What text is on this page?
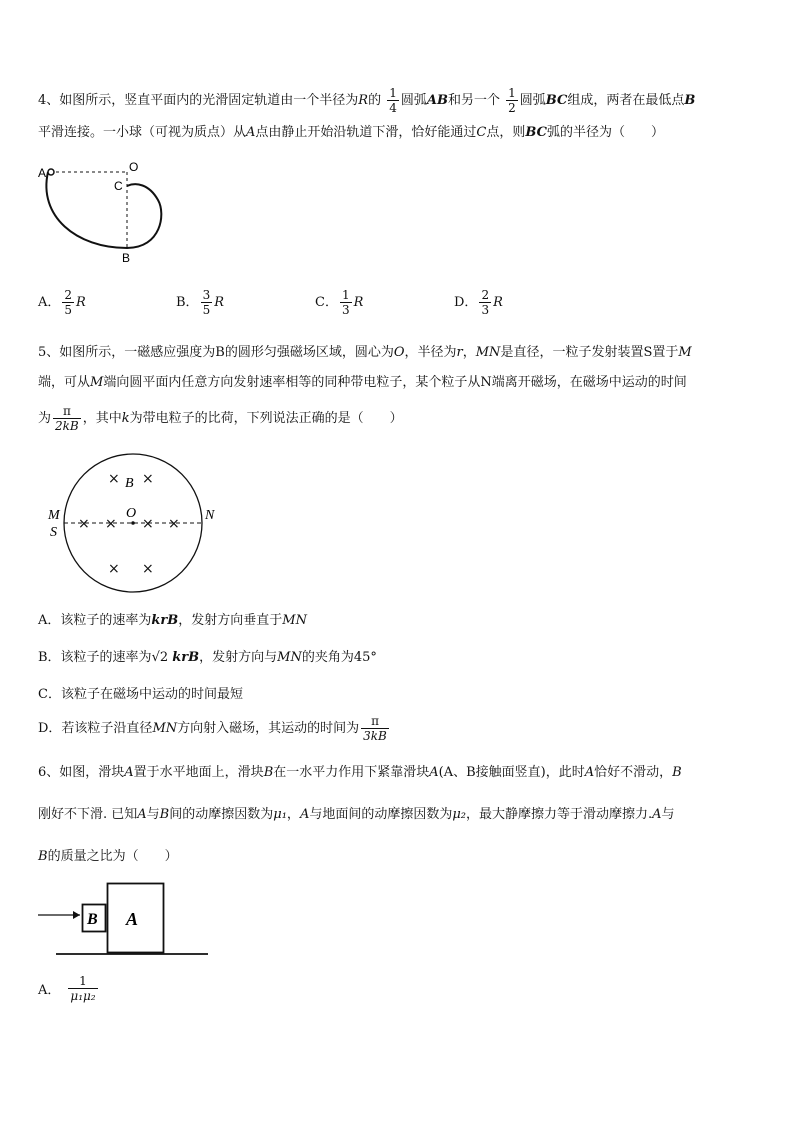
4、如图所示，竖直平面内的光滑固定轨道由一个半径为R的 $\frac{1}{4}$ 圆弧AB和另一个 $\frac{1}{2}$ 圆弧BC组成，两者在最低点B
平滑连接。一小球（可视为质点）从A点由静止开始沿轨道下滑，恰好能通过C点，则BC弧的半径为（　　）
A	O
C
B
A． $\frac{2}{5}$ R	B． $\frac{3}{5}$ R	C． $\frac{1}{3}$ R	D． $\frac{2}{3}$ R
5、如图所示，一磁感应强度为B的圆形匀强磁场区域，圆心为O，半径为r，MN是直径，一粒子发射装置S置于M
端，可从M端向圆平面内任意方向发射速率相等的同种带电粒子，某个粒子从N端离开磁场，在磁场中运动的时间
为 $\frac{\pi}{2kB}$ ，其中k为带电粒子的比荷，下列说法正确的是（　　）
× ×
× × × ×
× ×
B
O
M
S
N
A．该粒子的速率为krB，发射方向垂直于MN
B．该粒子的速率为√2 krB，发射方向与MN的夹角为45°
C．该粒子在磁场中运动的时间最短
D．若该粒子沿直径MN方向射入磁场，其运动的时间为 $\frac{\pi}{3kB}$
6、如图，滑块A置于水平地面上，滑块B在一水平力作用下紧靠滑块A(A、B接触面竖直)，此时A恰好不滑动，B
刚好不下滑. 已知A与B间的动摩擦因数为μ₁，A与地面间的动摩擦因数为μ₂，最大静摩擦力等于滑动摩擦力.A与
B的质量之比为（　　）
B A
A． $\frac{1}{\text{μ₁μ₂}}$
